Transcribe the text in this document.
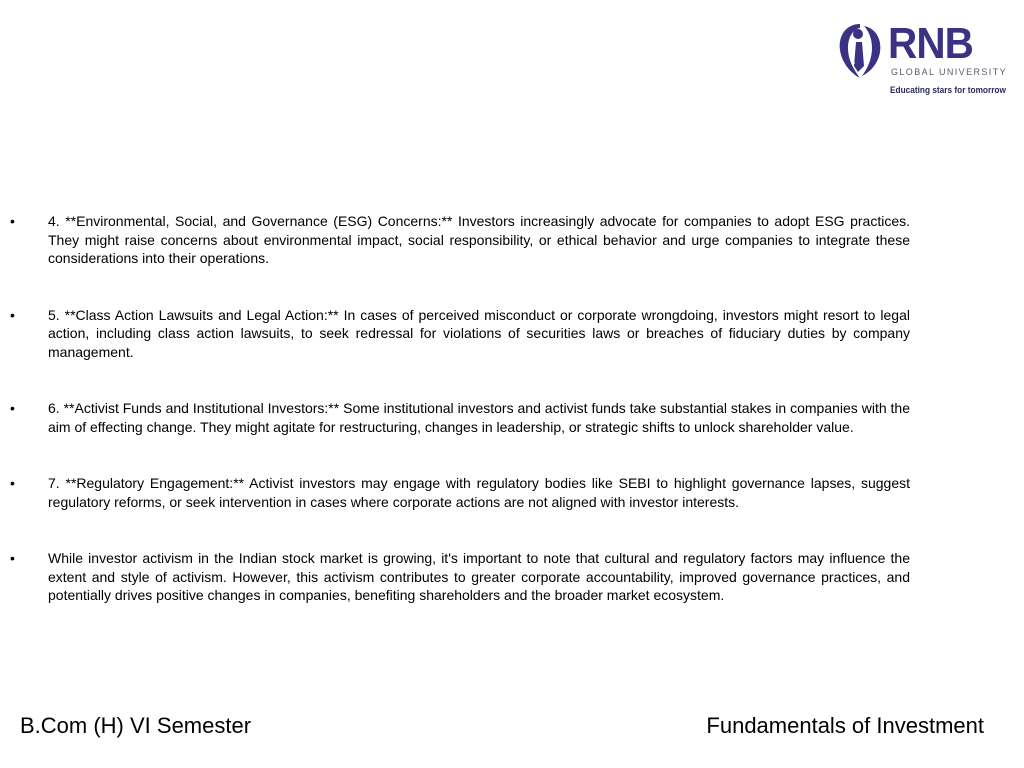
RNB
GLOBAL UNIVERSITY
Educating stars for tomorrow
• 4. **Environmental, Social, and Governance (ESG) Concerns:** Investors increasingly advocate for companies to adopt ESG practices. They might raise concerns about environmental impact, social responsibility, or ethical behavior and urge companies to integrate these considerations into their operations.
• 5. **Class Action Lawsuits and Legal Action:** In cases of perceived misconduct or corporate wrongdoing, investors might resort to legal action, including class action lawsuits, to seek redressal for violations of securities laws or breaches of fiduciary duties by company management.
• 6. **Activist Funds and Institutional Investors:** Some institutional investors and activist funds take substantial stakes in companies with the aim of effecting change. They might agitate for restructuring, changes in leadership, or strategic shifts to unlock shareholder value.
• 7. **Regulatory Engagement:** Activist investors may engage with regulatory bodies like SEBI to highlight governance lapses, suggest regulatory reforms, or seek intervention in cases where corporate actions are not aligned with investor interests.
• While investor activism in the Indian stock market is growing, it's important to note that cultural and regulatory factors may influence the extent and style of activism. However, this activism contributes to greater corporate accountability, improved governance practices, and potentially drives positive changes in companies, benefiting shareholders and the broader market ecosystem.
B.Com (H) VI Semester	Fundamentals of Investment
